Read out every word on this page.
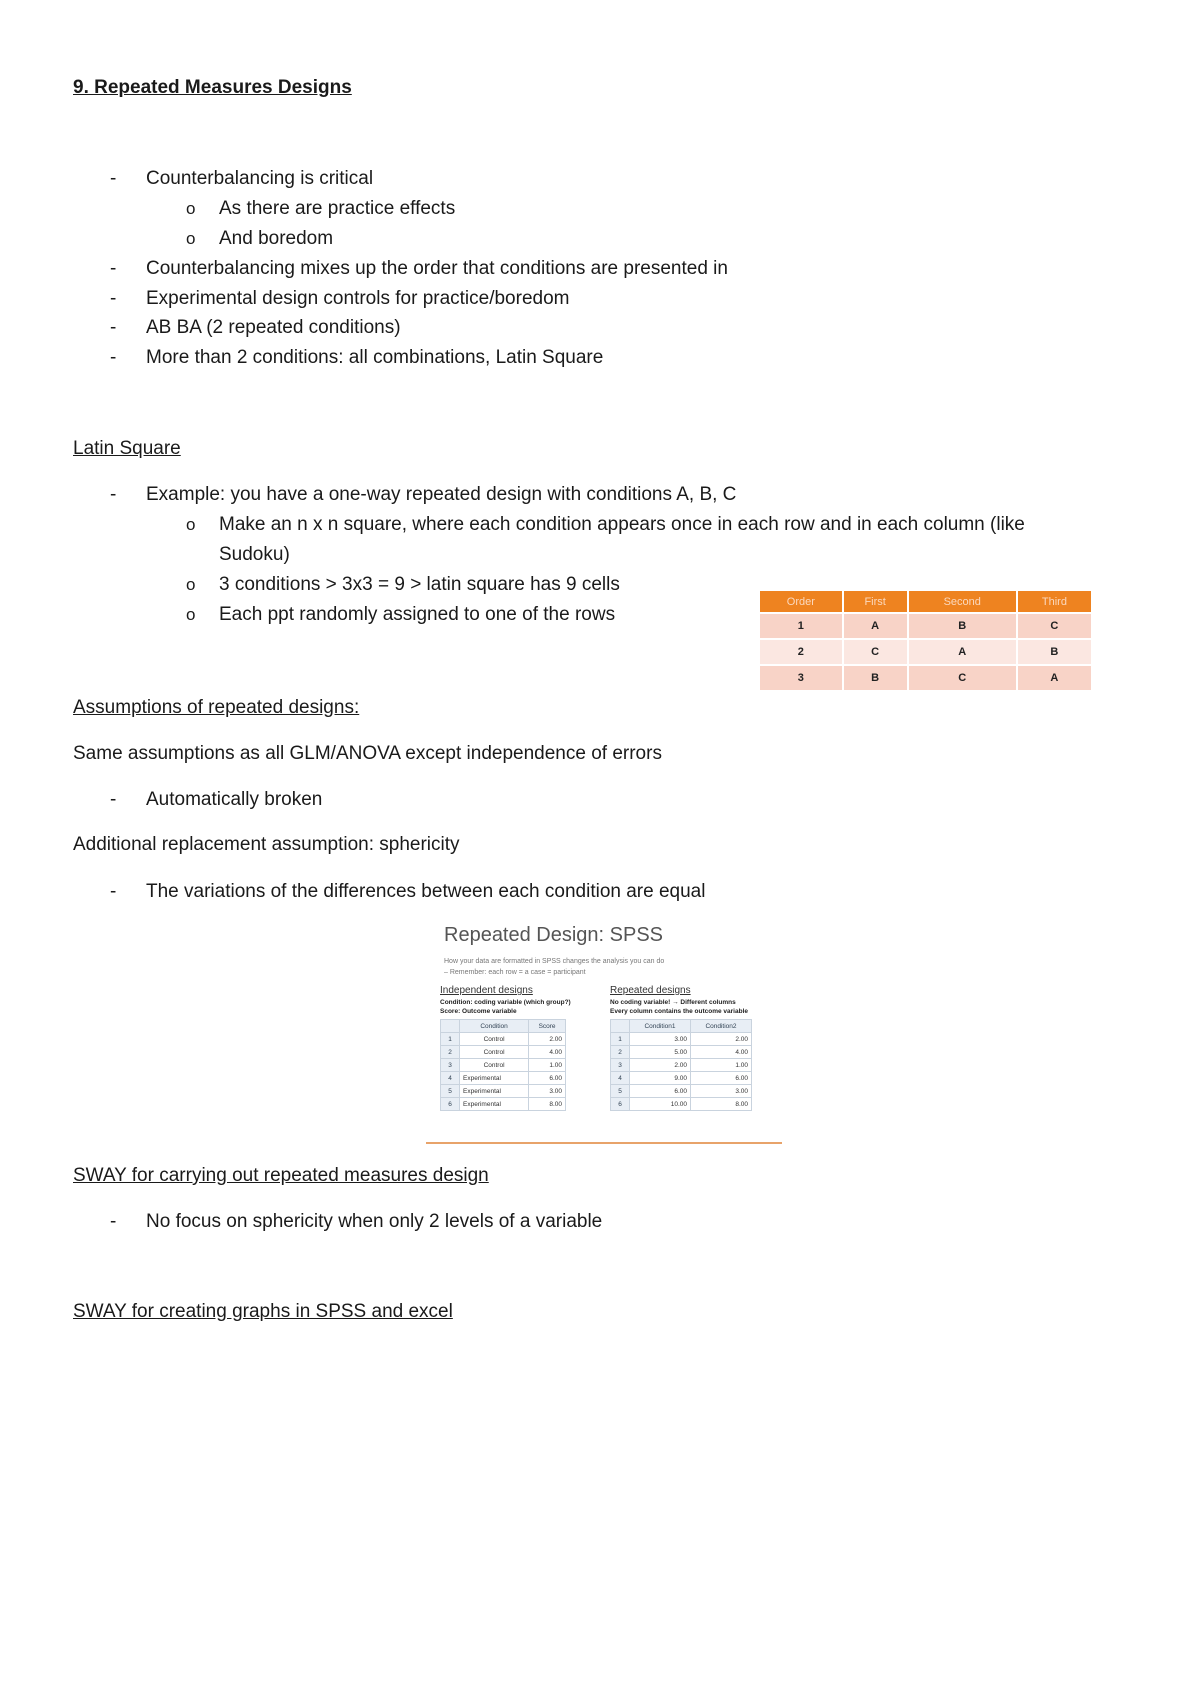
9. Repeated Measures Designs
- Counterbalancing is critical
o As there are practice effects
o And boredom
- Counterbalancing mixes up the order that conditions are presented in
- Experimental design controls for practice/boredom
- AB BA (2 repeated conditions)
- More than 2 conditions: all combinations, Latin Square
Latin Square
- Example: you have a one-way repeated design with conditions A, B, C
o Make an n x n square, where each condition appears once in each row and in each column (like
Sudoku)
o 3 conditions > 3x3 = 9 > latin square has 9 cells
o Each ppt randomly assigned to one of the rows
Order	First	Second	Third
1	A	B	C
2	C	A	B
3	B	C	A
Assumptions of repeated designs:
Same assumptions as all GLM/ANOVA except independence of errors
- Automatically broken
Additional replacement assumption: sphericity
- The variations of the differences between each condition are equal
Repeated Design: SPSS
How your data are formatted in SPSS changes the analysis you can do
– Remember: each row = a case = participant
Independent designs
Condition: coding variable (which group?)
Score: Outcome variable
	Condition	Score
1	Control	2.00
2	Control	4.00
3	Control	1.00
4	Experimental	6.00
5	Experimental	3.00
6	Experimental	8.00
Repeated designs
No coding variable! → Different columns
Every column contains the outcome variable
	Condition1	Condition2
1	3.00	2.00
2	5.00	4.00
3	2.00	1.00
4	9.00	6.00
5	6.00	3.00
6	10.00	8.00
SWAY for carrying out repeated measures design
- No focus on sphericity when only 2 levels of a variable
SWAY for creating graphs in SPSS and excel
